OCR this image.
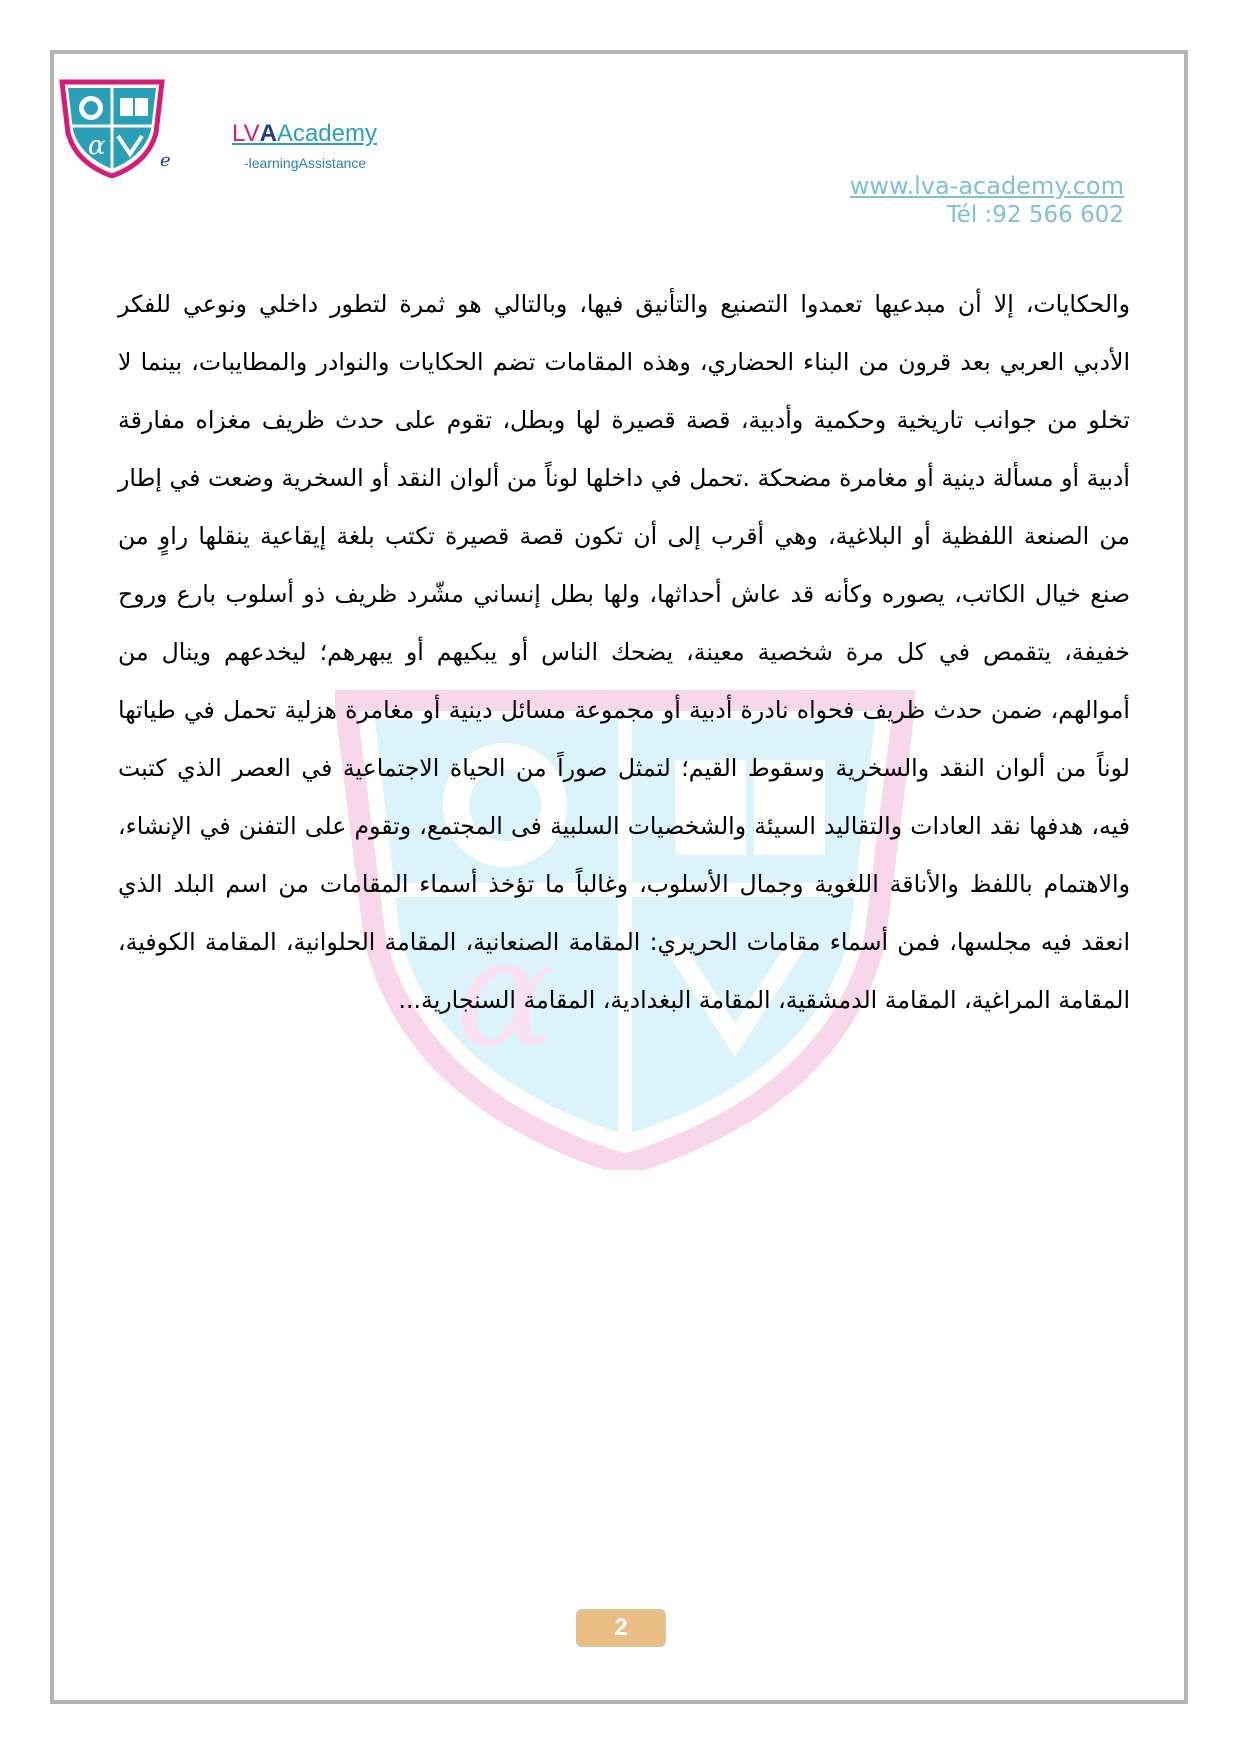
α	e
LVAAcademy
-learningAssistance
www.lva-academy.com
Tél :92 566 602
α

والحكايات، إلا أن مبدعيها تعمدوا التصنيع والتأنيق فيها، وبالتالي هو ثمرة لتطور داخلي ونوعي للفكر الأدبي العربي بعد قرون من البناء الحضاري، وهذه المقامات تضم الحكايات والنوادر والمطايبات، بينما لا تخلو من جوانب تاريخية وحكمية وأدبية، قصة قصيرة لها وبطل، تقوم على حدث ظريف مغزاه مفارقة أدبية أو مسألة دينية أو مغامرة مضحكة .تحمل في داخلها لوناً من ألوان النقد أو السخرية وضعت في إطار من الصنعة اللفظية أو البلاغية، وهي أقرب إلى أن تكون قصة قصيرة تكتب بلغة إيقاعية ينقلها راوٍ من صنع خيال الكاتب، يصوره وكأنه قد عاش أحداثها، ولها بطل إنساني مشّرد ظريف ذو أسلوب بارع وروح خفيفة، يتقمص في كل مرة شخصية معينة، يضحك الناس أو يبكيهم أو يبهرهم؛ ليخدعهم وينال من أموالهم، ضمن حدث ظريف فحواه نادرة أدبية أو مجموعة مسائل دينية أو مغامرة هزلية تحمل في طياتها لوناً من ألوان النقد والسخرية وسقوط القيم؛ لتمثل صوراً من الحياة الاجتماعية في العصر الذي كتبت فيه، هدفها نقد العادات والتقاليد السيئة والشخصيات السلبية فى المجتمع، وتقوم على التفنن في الإنشاء، والاهتمام باللفظ والأناقة اللغوية وجمال الأسلوب، وغالباً ما تؤخذ أسماء المقامات من اسم البلد الذي انعقد فيه مجلسها، فمن أسماء مقامات الحريري: المقامة الصنعانية، المقامة الحلوانية، المقامة الكوفية، المقامة المراغية، المقامة الدمشقية، المقامة البغدادية، المقامة السنجارية...

2
